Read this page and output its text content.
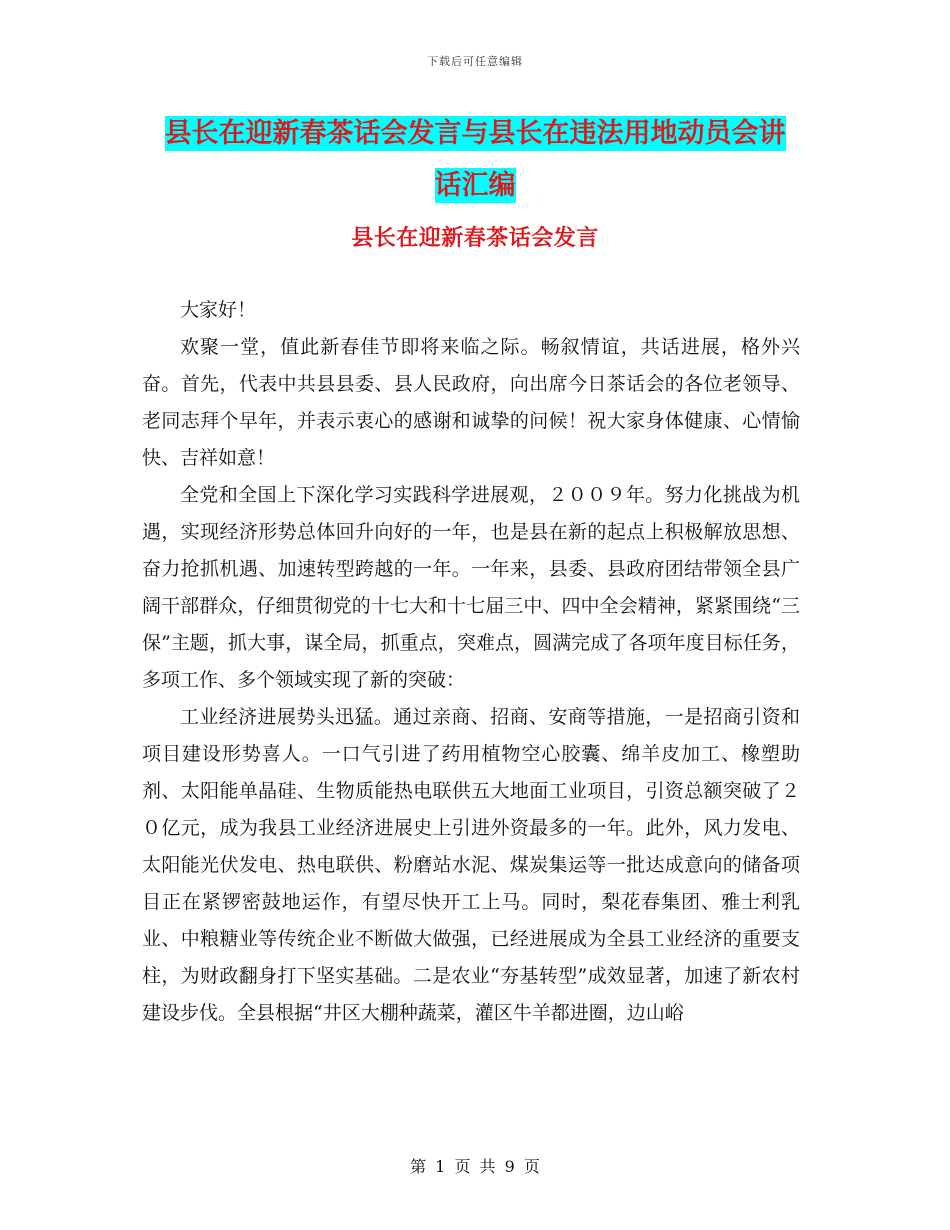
下载后可任意编辑
县长在迎新春茶话会发言与县长在违法用地动员会讲
话汇编
县长在迎新春茶话会发言

大家好！

欢聚一堂，值此新春佳节即将来临之际。畅叙情谊，共话进展，格外兴奋。首先，代表中共县县委、县人民政府，向出席今日茶话会的各位老领导、老同志拜个早年，并表示衷心的感谢和诚挚的问候！祝大家身体健康、心情愉快、吉祥如意！

全党和全国上下深化学习实践科学进展观，２００９年。努力化挑战为机遇，实现经济形势总体回升向好的一年，也是县在新的起点上积极解放思想、奋力抢抓机遇、加速转型跨越的一年。一年来，县委、县政府团结带领全县广阔干部群众，仔细贯彻党的十七大和十七届三中、四中全会精神，紧紧围绕“三保”主题，抓大事，谋全局，抓重点，突难点，圆满完成了各项年度目标任务，多项工作、多个领域实现了新的突破：

工业经济进展势头迅猛。通过亲商、招商、安商等措施，一是招商引资和项目建设形势喜人。一口气引进了药用植物空心胶囊、绵羊皮加工、橡塑助剂、太阳能单晶硅、生物质能热电联供五大地面工业项目，引资总额突破了２０亿元，成为我县工业经济进展史上引进外资最多的一年。此外，风力发电、太阳能光伏发电、热电联供、粉磨站水泥、煤炭集运等一批达成意向的储备项目正在紧锣密鼓地运作，有望尽快开工上马。同时，梨花春集团、雅士利乳业、中粮糖业等传统企业不断做大做强，已经进展成为全县工业经济的重要支柱，为财政翻身打下坚实基础。二是农业“夯基转型”成效显著，加速了新农村建设步伐。全县根据“井区大棚种蔬菜，灌区牛羊都进圈，边山峪

第 1 页 共 9 页
